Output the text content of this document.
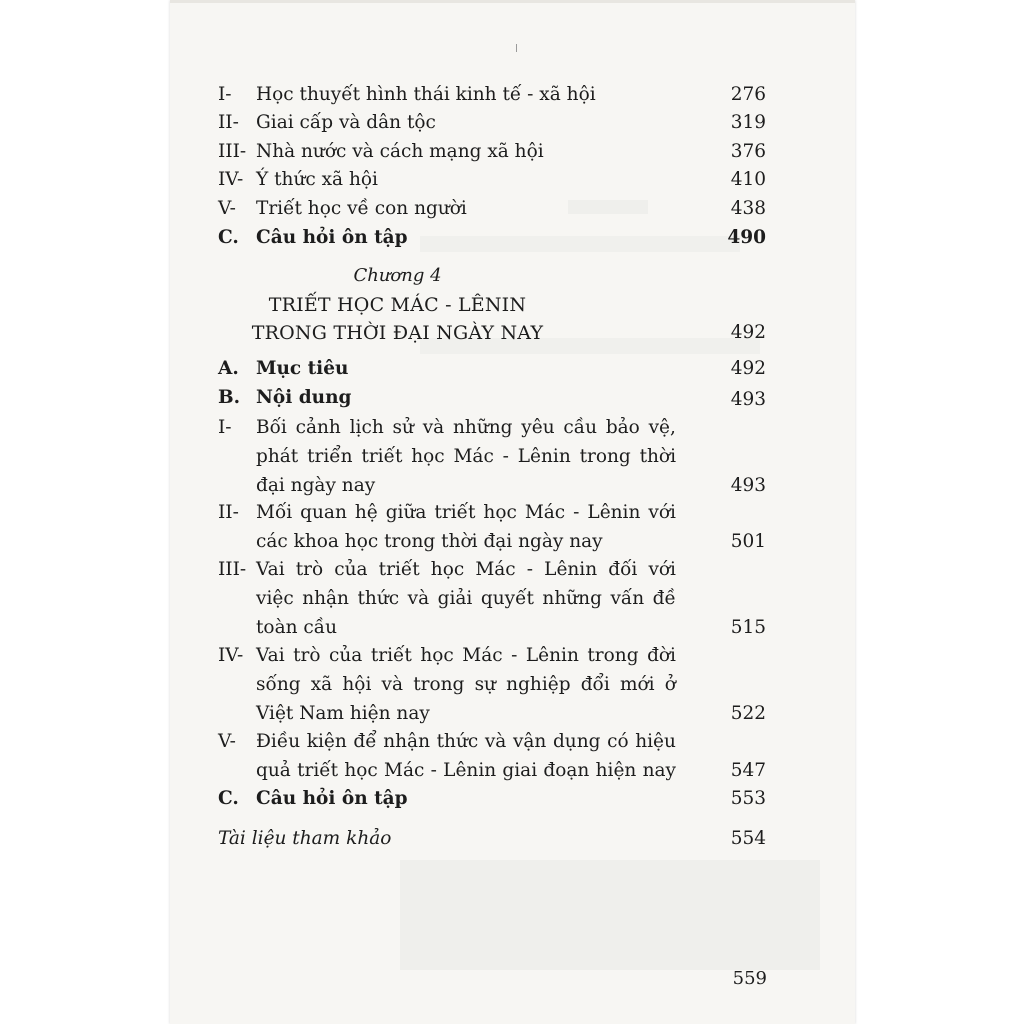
I- Học thuyết hình thái kinh tế - xã hội	276
II- Giai cấp và dân tộc	319
III- Nhà nước và cách mạng xã hội	376
IV- Ý thức xã hội	410
V- Triết học về con người	438
C. Câu hỏi ôn tập	490
Chương 4
TRIẾT HỌC MÁC - LÊNIN
TRONG THỜI ĐẠI NGÀY NAY	492
A. Mục tiêu	492
B. Nội dung	493
I- Bối cảnh lịch sử và những yêu cầu bảo vệ,
phát triển triết học Mác - Lênin trong thời
đại ngày nay	493
II- Mối quan hệ giữa triết học Mác - Lênin với
các khoa học trong thời đại ngày nay	501
III- Vai trò của triết học Mác - Lênin đối với
việc nhận thức và giải quyết những vấn đề
toàn cầu	515
IV- Vai trò của triết học Mác - Lênin trong đời
sống xã hội và trong sự nghiệp đổi mới ở
Việt Nam hiện nay	522
V- Điều kiện để nhận thức và vận dụng có hiệu
quả triết học Mác - Lênin giai đoạn hiện nay	547
C. Câu hỏi ôn tập	553
Tài liệu tham khảo	554
559
